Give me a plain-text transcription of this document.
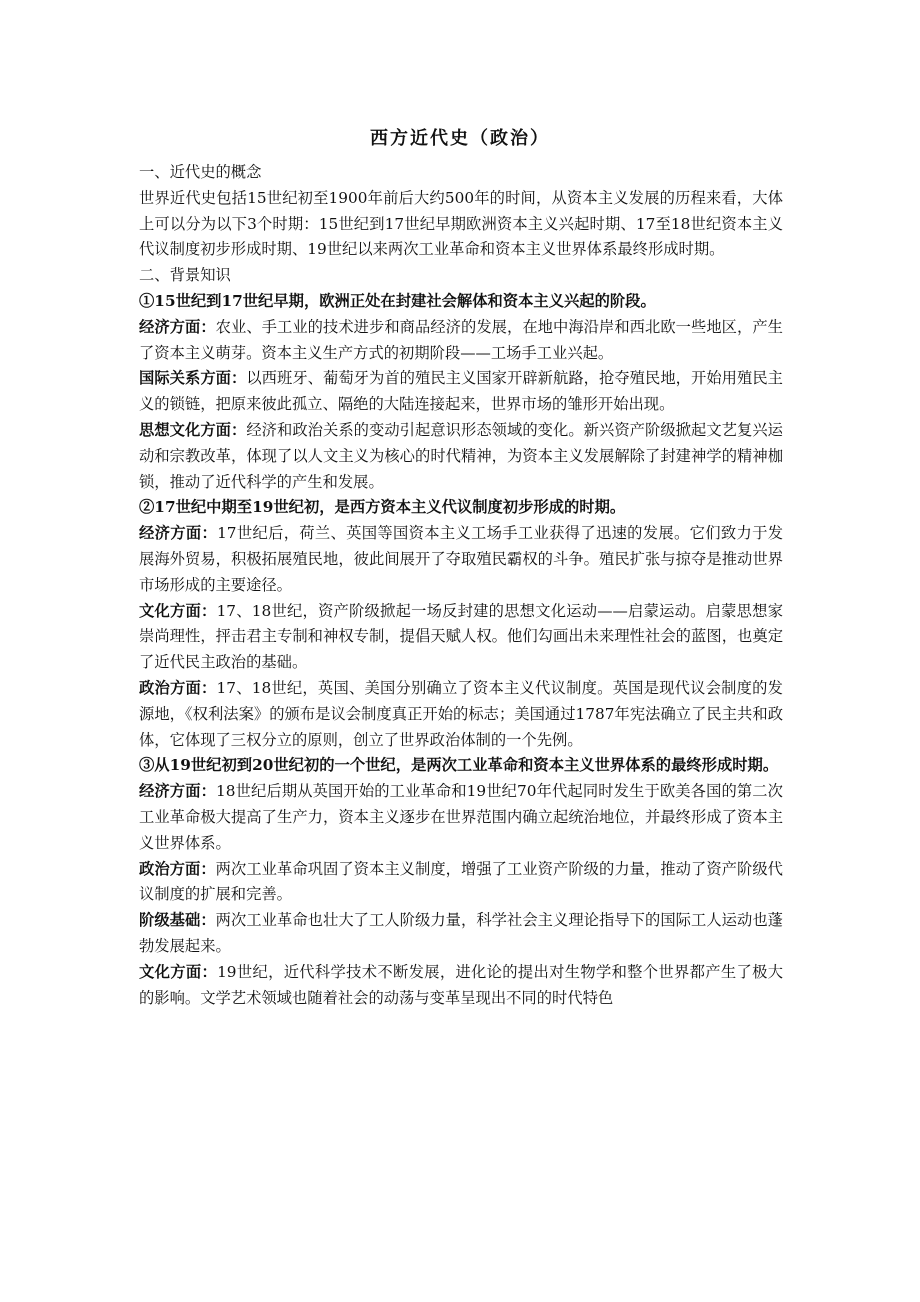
西方近代史（政治）

一、近代史的概念

世界近代史包括15世纪初至1900年前后大约500年的时间，从资本主义发展的历程来看，大体上可以分为以下3个时期：15世纪到17世纪早期欧洲资本主义兴起时期、17至18世纪资本主义代议制度初步形成时期、19世纪以来两次工业革命和资本主义世界体系最终形成时期。

二、背景知识

①15世纪到17世纪早期，欧洲正处在封建社会解体和资本主义兴起的阶段。

经济方面：农业、手工业的技术进步和商品经济的发展，在地中海沿岸和西北欧一些地区，产生了资本主义萌芽。资本主义生产方式的初期阶段——工场手工业兴起。

国际关系方面：以西班牙、葡萄牙为首的殖民主义国家开辟新航路，抢夺殖民地，开始用殖民主义的锁链，把原来彼此孤立、隔绝的大陆连接起来，世界市场的雏形开始出现。

思想文化方面：经济和政治关系的变动引起意识形态领域的变化。新兴资产阶级掀起文艺复兴运动和宗教改革，体现了以人文主义为核心的时代精神，为资本主义发展解除了封建神学的精神枷锁，推动了近代科学的产生和发展。

②17世纪中期至19世纪初，是西方资本主义代议制度初步形成的时期。

经济方面：17世纪后，荷兰、英国等国资本主义工场手工业获得了迅速的发展。它们致力于发展海外贸易，积极拓展殖民地，彼此间展开了夺取殖民霸权的斗争。殖民扩张与掠夺是推动世界市场形成的主要途径。

文化方面：17、18世纪，资产阶级掀起一场反封建的思想文化运动——启蒙运动。启蒙思想家崇尚理性，抨击君主专制和神权专制，提倡天赋人权。他们勾画出未来理性社会的蓝图，也奠定了近代民主政治的基础。

政治方面：17、18世纪，英国、美国分别确立了资本主义代议制度。英国是现代议会制度的发源地，《权利法案》的颁布是议会制度真正开始的标志；美国通过1787年宪法确立了民主共和政体，它体现了三权分立的原则，创立了世界政治体制的一个先例。

③从19世纪初到20世纪初的一个世纪，是两次工业革命和资本主义世界体系的最终形成时期。

经济方面：18世纪后期从英国开始的工业革命和19世纪70年代起同时发生于欧美各国的第二次工业革命极大提高了生产力，资本主义逐步在世界范围内确立起统治地位，并最终形成了资本主义世界体系。

政治方面：两次工业革命巩固了资本主义制度，增强了工业资产阶级的力量，推动了资产阶级代议制度的扩展和完善。

阶级基础：两次工业革命也壮大了工人阶级力量，科学社会主义理论指导下的国际工人运动也蓬勃发展起来。

文化方面：19世纪，近代科学技术不断发展，进化论的提出对生物学和整个世界都产生了极大的影响。文学艺术领域也随着社会的动荡与变革呈现出不同的时代特色
